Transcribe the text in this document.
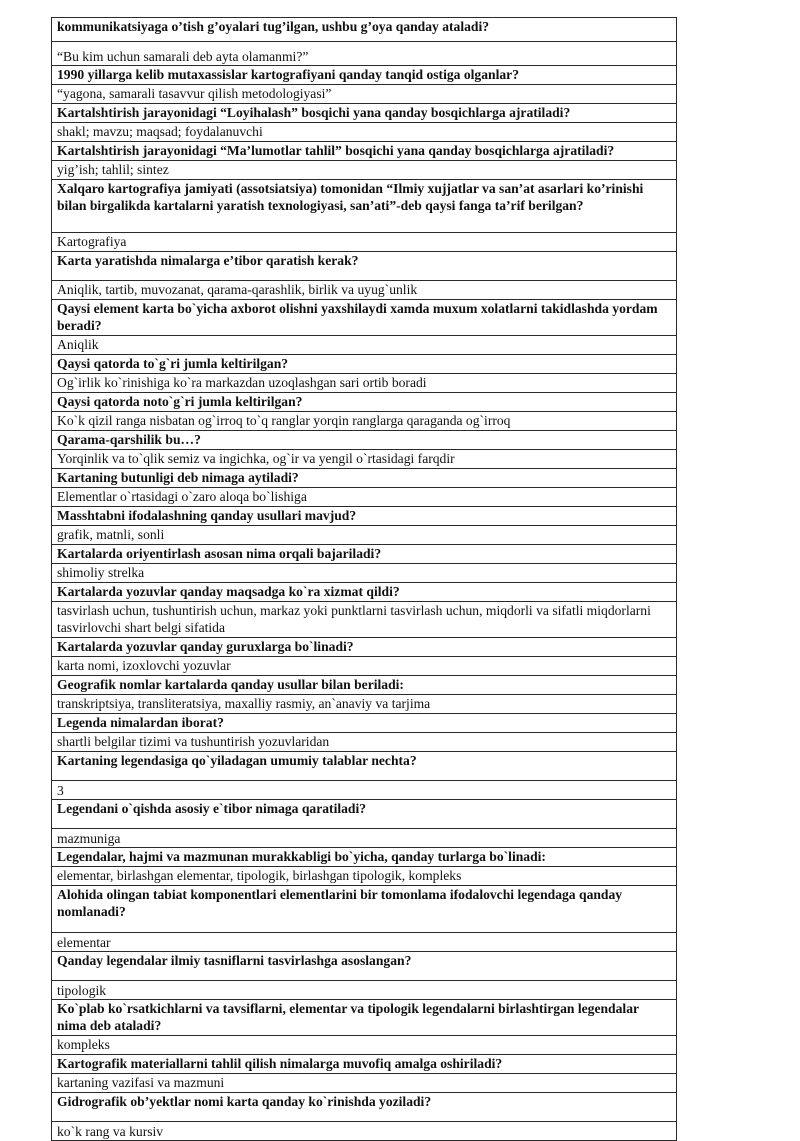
kommunikatsiyaga o’tish g’oyalari tug’ilgan, ushbu g’oya qanday ataladi?
“Bu kim uchun samarali deb ayta olamanmi?”
1990 yillarga kelib mutaxassislar kartografiyani qanday tanqid ostiga olganlar?
“yagona, samarali tasavvur qilish metodologiyasi”
Kartalshtirish jarayonidagi “Loyihalash” bosqichi yana qanday bosqichlarga ajratiladi?
shakl; mavzu; maqsad; foydalanuvchi
Kartalshtirish jarayonidagi “Ma’lumotlar tahlil” bosqichi yana qanday bosqichlarga ajratiladi?
yig’ish; tahlil; sintez
Xalqaro kartografiya jamiyati (assotsiatsiya) tomonidan “Ilmiy xujjatlar va san’at asarlari ko’rinishi bilan birgalikda kartalarni yaratish texnologiyasi, san’ati”-deb qaysi fanga ta’rif berilgan?
Kartografiya
Karta yaratishda nimalarga e’tibor qaratish kerak?
Aniqlik, tartib, muvozanat, qarama-qarashlik, birlik va uyug`unlik
Qaysi element karta bo`yicha axborot olishni yaxshilaydi xamda muxum xolatlarni takidlashda yordam beradi?
Aniqlik
Qaysi qatorda to`g`ri jumla keltirilgan?
Og`irlik ko`rinishiga ko`ra markazdan uzoqlashgan sari ortib boradi
Qaysi qatorda noto`g`ri jumla keltirilgan?
Ko`k qizil ranga nisbatan og`irroq to`q ranglar yorqin ranglarga qaraganda og`irroq
Qarama-qarshilik bu…?
Yorqinlik va to`qlik semiz va ingichka, og`ir va yengil o`rtasidagi farqdir
Kartaning butunligi deb nimaga aytiladi?
Elementlar o`rtasidagi o`zaro aloqa bo`lishiga
Masshtabni ifodalashning qanday usullari mavjud?
grafik, matnli, sonli
Kartalarda oriyentirlash asosan nima orqali bajariladi?
shimoliy strelka
Kartalarda yozuvlar qanday maqsadga ko`ra xizmat qildi?
tasvirlash uchun, tushuntirish uchun, markaz yoki punktlarni tasvirlash uchun, miqdorli va sifatli miqdorlarni tasvirlovchi shart belgi sifatida
Kartalarda yozuvlar qanday guruxlarga bo`linadi?
karta nomi, izoxlovchi yozuvlar
Geografik nomlar kartalarda qanday usullar bilan beriladi:
transkriptsiya, transliteratsiya, maxalliy rasmiy, an`anaviy va tarjima
Legenda nimalardan iborat?
shartli belgilar tizimi va tushuntirish yozuvlaridan
Kartaning legendasiga qo`yiladagan umumiy talablar nechta?
3
Legendani o`qishda asosiy e`tibor nimaga qaratiladi?
mazmuniga
Legendalar, hajmi va mazmunan murakkabligi bo`yicha, qanday turlarga bo`linadi:
elementar, birlashgan elementar, tipologik, birlashgan tipologik, kompleks
Alohida olingan tabiat komponentlari elementlarini bir tomonlama ifodalovchi legendaga qanday nomlanadi?
elementar
Qanday legendalar ilmiy tasniflarni tasvirlashga asoslangan?
tipologik
Ko`plab ko`rsatkichlarni va tavsiflarni, elementar va tipologik legendalarni birlashtirgan legendalar nima deb ataladi?
kompleks
Kartografik materiallarni tahlil qilish nimalarga muvofiq amalga oshiriladi?
kartaning vazifasi va mazmuni
Gidrografik ob’yektlar nomi karta qanday ko`rinishda yoziladi?
ko`k rang va kursiv
